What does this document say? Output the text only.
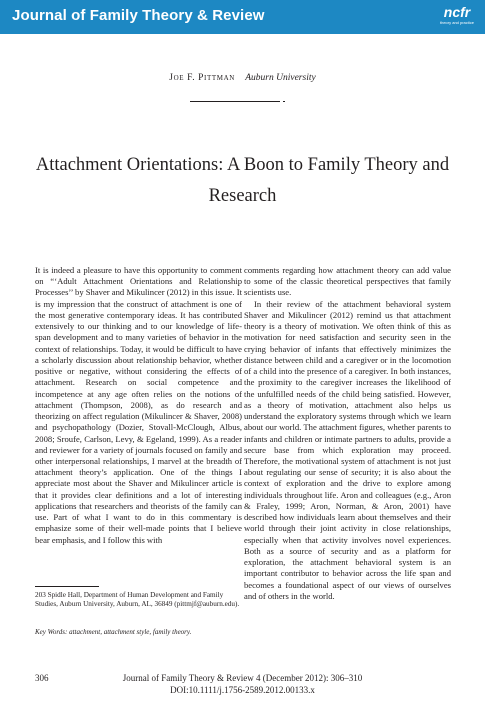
Journal of Family Theory & Review	ncfr
theory and practice
Joe F. Pittman Auburn University
Attachment Orientations: A Boon to Family Theory and Research

It is indeed a pleasure to have this opportunity to comment on “‘Adult Attachment Orientations and Relationship Processes’’ by Shaver and Mikulincer (2012) in this issue. It is my impression that the construct of attachment is one of the most generative contemporary ideas. It has contributed extensively to our thinking and to our knowledge of life-span development and to many varieties of behavior in the context of relationships. Today, it would be difficult to have a scholarly discussion about relationship behavior, whether positive or negative, without considering the effects of attachment. Research on social competence and incompetence at any age often relies on the notions of attachment (Thompson, 2008), as do research and theorizing on affect regulation (Mikulincer & Shaver, 2008) and psychopathology (Dozier, Stovall-McClough, Albus, 2008; Sroufe, Carlson, Levy, & Egeland, 1999). As a reader and reviewer for a variety of journals focused on family and other interpersonal relationships, I marvel at the breadth of attachment theory’s application. One of the things I appreciate most about the Shaver and Mikulincer article is that it provides clear definitions and a lot of interesting applications that researchers and theorists of the family can use. Part of what I want to do in this commentary is emphasize some of their well-made points that I believe bear emphasis, and I follow this with

comments regarding how attachment theory can add value to some of the classic theoretical perspectives that family scientists use.

In their review of the attachment behavioral system Shaver and Mikulincer (2012) remind us that attachment theory is a theory of motivation. We often think of this as motivation for need satisfaction and security seen in the crying behavior of infants that effectively minimizes the distance between child and a caregiver or in the locomotion of a child into the presence of a caregiver. In both instances, the proximity to the caregiver increases the likelihood of the unfulfilled needs of the child being satisfied. However, as a theory of motivation, attachment also helps us understand the exploratory systems through which we learn about our world. The attachment figures, whether parents to infants and children or intimate partners to adults, provide a secure base from which exploration may proceed. Therefore, the motivational system of attachment is not just about regulating our sense of security; it is also about the context of exploration and the drive to explore among individuals throughout life. Aron and colleagues (e.g., Aron & Fraley, 1999; Aron, Norman, & Aron, 2001) have described how individuals learn about themselves and their world through their joint activity in close relationships, especially when that activity involves novel experiences. Both as a source of security and as a platform for exploration, the attachment behavioral system is an important contributor to behavior across the life span and becomes a foundational aspect of our views of ourselves and of others in the world.

203 Spidle Hall, Department of Human Development and Family Studies, Auburn University, Auburn, AL, 36849 (pittmjf@auburn.edu).
Key Words: attachment, attachment style, family theory.
306	Journal of Family Theory & Review 4 (December 2012): 306–310
DOI:10.1111/j.1756-2589.2012.00133.x
